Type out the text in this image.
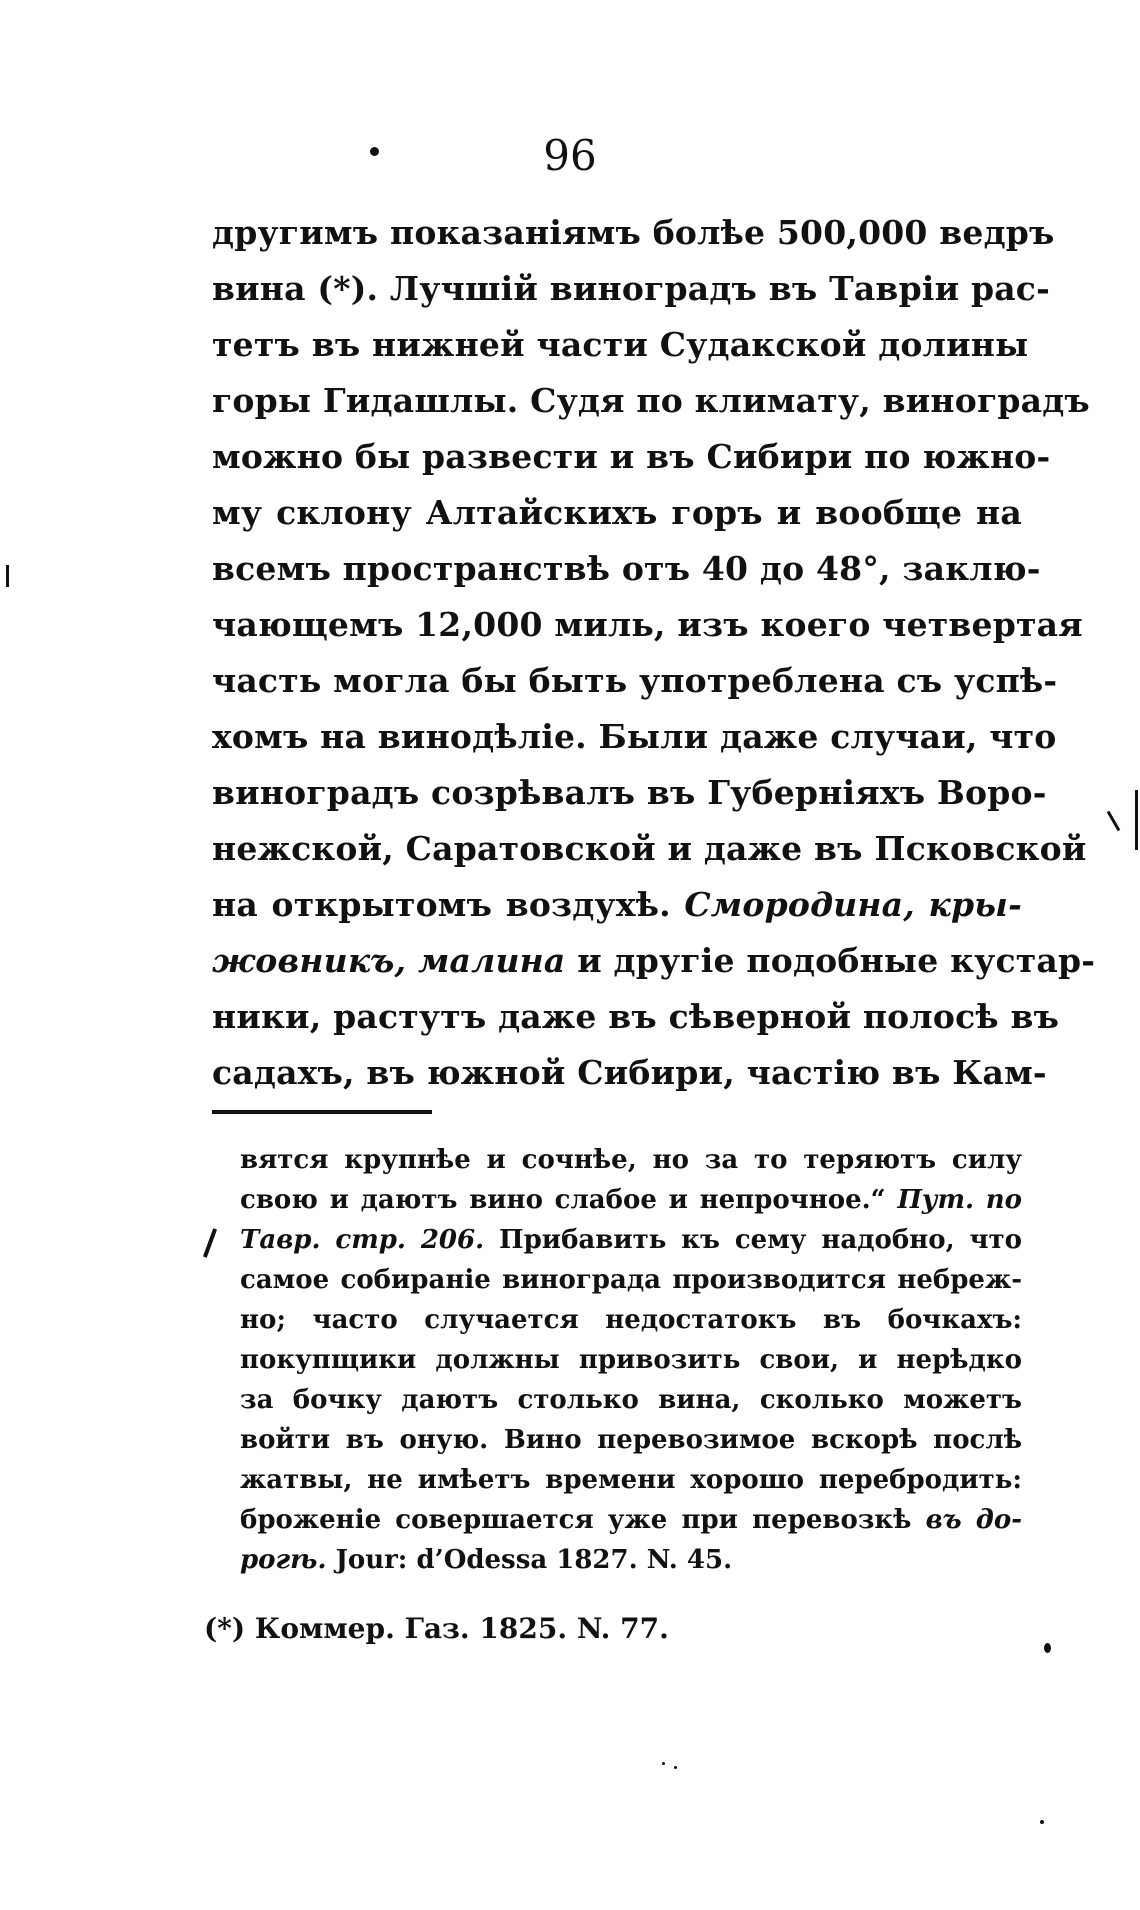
96
другимъ показаніямъ болѣе 500,000 ведръ
вина (*). Лучшій виноградъ въ Тавріи рас-
тетъ въ нижней части Судакской долины
горы Гидашлы. Судя по климату, виноградъ
можно бы развести и въ Сибири по южно-
му склону Алтайскихъ горъ и вообще на
всемъ пространствѣ отъ 40 до 48°, заклю-
чающемъ 12,000 миль, изъ коего четвертая
часть могла бы быть употреблена съ успѣ-
хомъ на винодѣліе. Были даже случаи, что
виноградъ созрѣвалъ въ Губерніяхъ Воро-
нежской, Саратовской и даже въ Псковской
на открытомъ воздухѣ. Смородина, кры-
жовникъ, малина и другіе подобные кустар-
ники, растутъ даже въ сѣверной полосѣ въ
садахъ, въ южной Сибири, частію въ Кам-
вятся крупнѣе и сочнѣе, но за то теряютъ силу
свою и даютъ вино слабое и непрочное.“ Пут. по
Тавр. стр. 206. Прибавить къ сему надобно, что
самое собираніе винограда производится небреж-
но; часто случается недостатокъ въ бочкахъ:
покупщики должны привозить свои, и нерѣдко
за бочку даютъ столько вина, сколько можетъ
войти въ оную. Вино перевозимое вскорѣ послѣ
жатвы, не имѣетъ времени хорошо перебродить:
броженіе совершается уже при перевозкѣ въ до-
рогѣ. Jour: d’Odessa 1827. N. 45.
(*) Коммер. Газ. 1825. N. 77.
